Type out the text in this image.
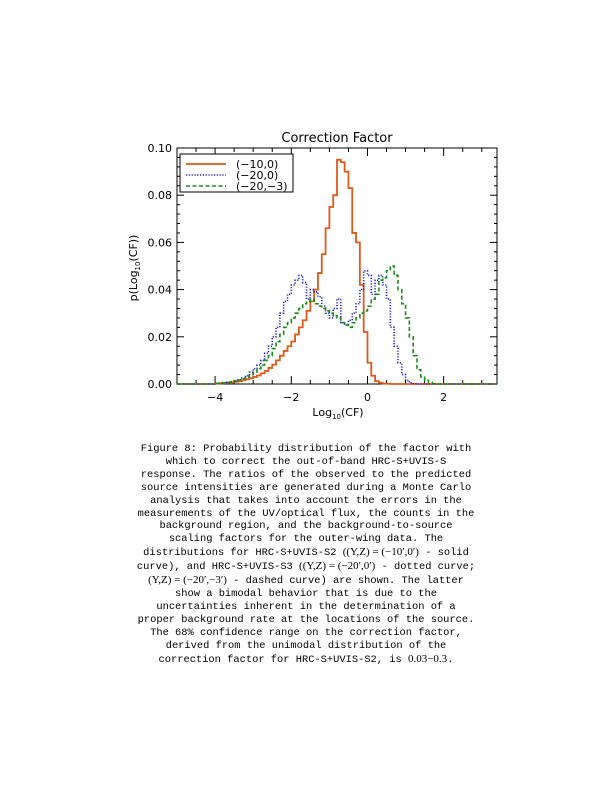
Correction Factor
0.00
0.02
0.04
0.06
0.08
0.10
−4	−2	0	2
Log$_{10}$(CF)
p(Log$_{10}$(CF))
(−10,0)
(−20,0)
(−20,−3)

Figure 8: Probability distribution of the factor with

which to correct the out-of-band HRC-S+UVIS-S

response. The ratios of the observed to the predicted

source intensities are generated during a Monte Carlo

analysis that takes into account the errors in the

measurements of the UV/optical flux, the counts in the

background region, and the background-to-source

scaling factors for the outer-wing data. The

distributions for HRC-S+UVIS-S2 ((Y,Z) = (−10′,0′) - solid

curve), and HRC-S+UVIS-S3 ((Y,Z) = (−20′,0′) - dotted curve;

(Y,Z) = (−20′,−3′) - dashed curve) are shown. The latter

show a bimodal behavior that is due to the

uncertainties inherent in the determination of a

proper background rate at the locations of the source.

The 68% confidence range on the correction factor,

derived from the unimodal distribution of the

correction factor for HRC-S+UVIS-S2, is 0.03−0.3.
